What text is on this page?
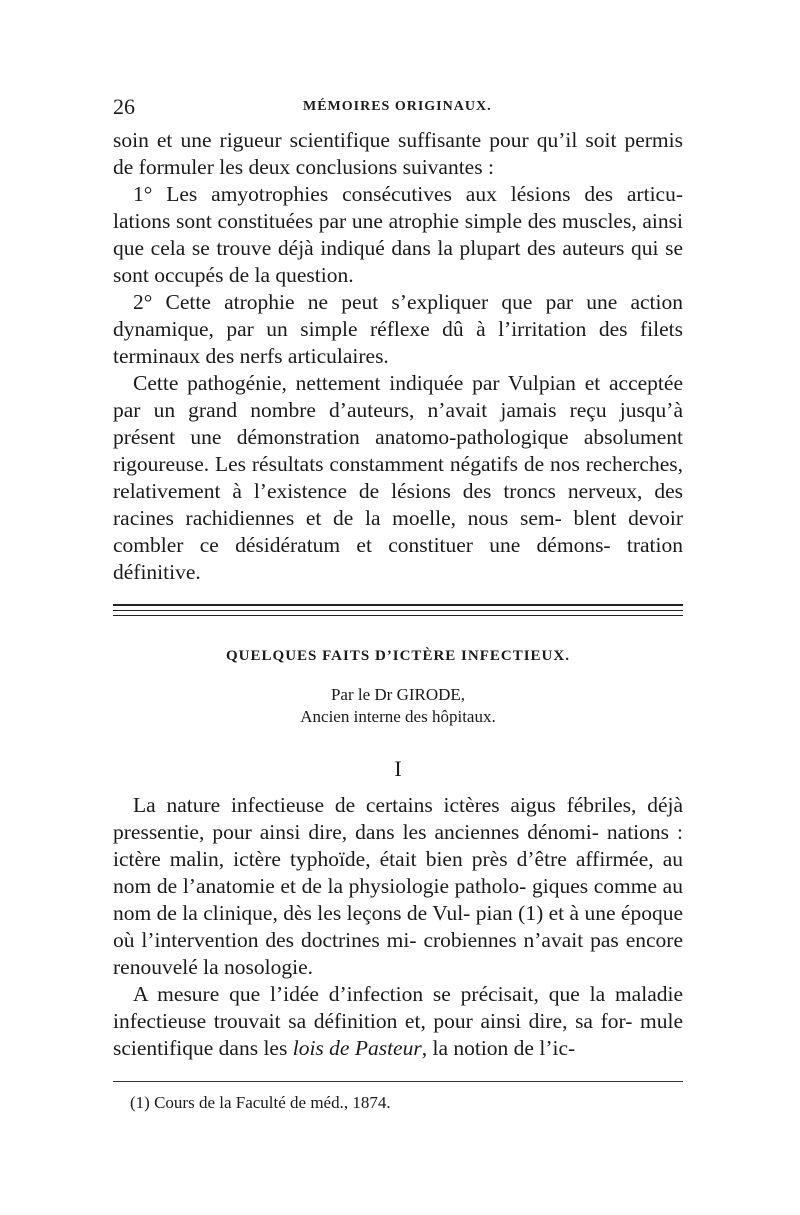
26	MÉMOIRES ORIGINAUX.

soin et une rigueur scientifique suffisante pour qu’il soit permis de formuler les deux conclusions suivantes :

1° Les amyotrophies consécutives aux lésions des articu- lations sont constituées par une atrophie simple des muscles, ainsi que cela se trouve déjà indiqué dans la plupart des auteurs qui se sont occupés de la question.

2° Cette atrophie ne peut s’expliquer que par une action dynamique, par un simple réflexe dû à l’irritation des filets terminaux des nerfs articulaires.

Cette pathogénie, nettement indiquée par Vulpian et acceptée par un grand nombre d’auteurs, n’avait jamais reçu jusqu’à présent une démonstration anatomo-pathologique absolument rigoureuse. Les résultats constamment négatifs de nos recherches, relativement à l’existence de lésions des troncs nerveux, des racines rachidiennes et de la moelle, nous sem- blent devoir combler ce désidératum et constituer une démons- tration définitive.

QUELQUES FAITS D’ICTÈRE INFECTIEUX.
Par le Dr GIRODE,
Ancien interne des hôpitaux.
I

La nature infectieuse de certains ictères aigus fébriles, déjà pressentie, pour ainsi dire, dans les anciennes dénomi- nations : ictère malin, ictère typhoïde, était bien près d’être affirmée, au nom de l’anatomie et de la physiologie patholo- giques comme au nom de la clinique, dès les leçons de Vul- pian (1) et à une époque où l’intervention des doctrines mi- crobiennes n’avait pas encore renouvelé la nosologie.

A mesure que l’idée d’infection se précisait, que la maladie infectieuse trouvait sa définition et, pour ainsi dire, sa for- mule scientifique dans les lois de Pasteur, la notion de l’ic-

(1) Cours de la Faculté de méd., 1874.
